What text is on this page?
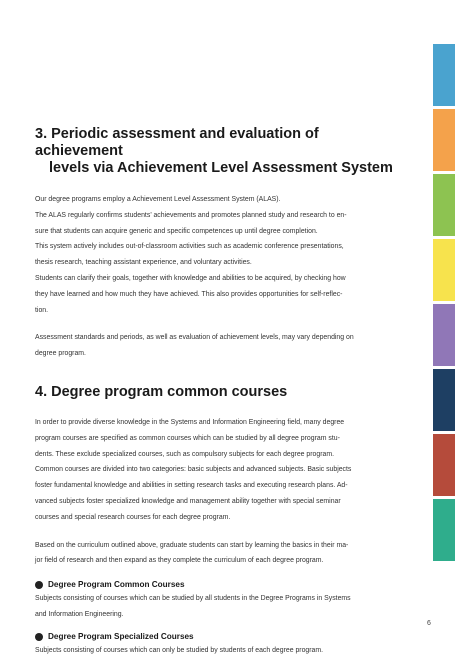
3. Periodic assessment and evaluation of achievement
levels via Achievement Level Assessment System

Our degree programs employ a Achievement Level Assessment System (ALAS).
The ALAS regularly confirms students’ achievements and promotes planned study and research to en-
sure that students can acquire generic and specific competences up until degree completion.
This system actively includes out-of-classroom activities such as academic conference presentations,
thesis research, teaching assistant experience, and voluntary activities.
Students can clarify their goals, together with knowledge and abilities to be acquired, by checking how
they have learned and how much they have achieved. This also provides opportunities for self-reflec-
tion.

Assessment standards and periods, as well as evaluation of achievement levels, may vary depending on
degree program.

4. Degree program common courses

In order to provide diverse knowledge in the Systems and Information Engineering field, many degree
program courses are specified as common courses which can be studied by all degree program stu-
dents. These exclude specialized courses, such as compulsory subjects for each degree program.
Common courses are divided into two categories: basic subjects and advanced subjects. Basic subjects
foster fundamental knowledge and abilities in setting research tasks and executing research plans. Ad-
vanced subjects foster specialized knowledge and management ability together with special seminar
courses and special research courses for each degree program.

Based on the curriculum outlined above, graduate students can start by learning the basics in their ma-
jor field of research and then expand as they complete the curriculum of each degree program.

Degree Program Common Courses

Subjects consisting of courses which can be studied by all students in the Degree Programs in Systems
and Information Engineering.

Degree Program Specialized Courses

Subjects consisting of courses which can only be studied by students of each degree program.

6
